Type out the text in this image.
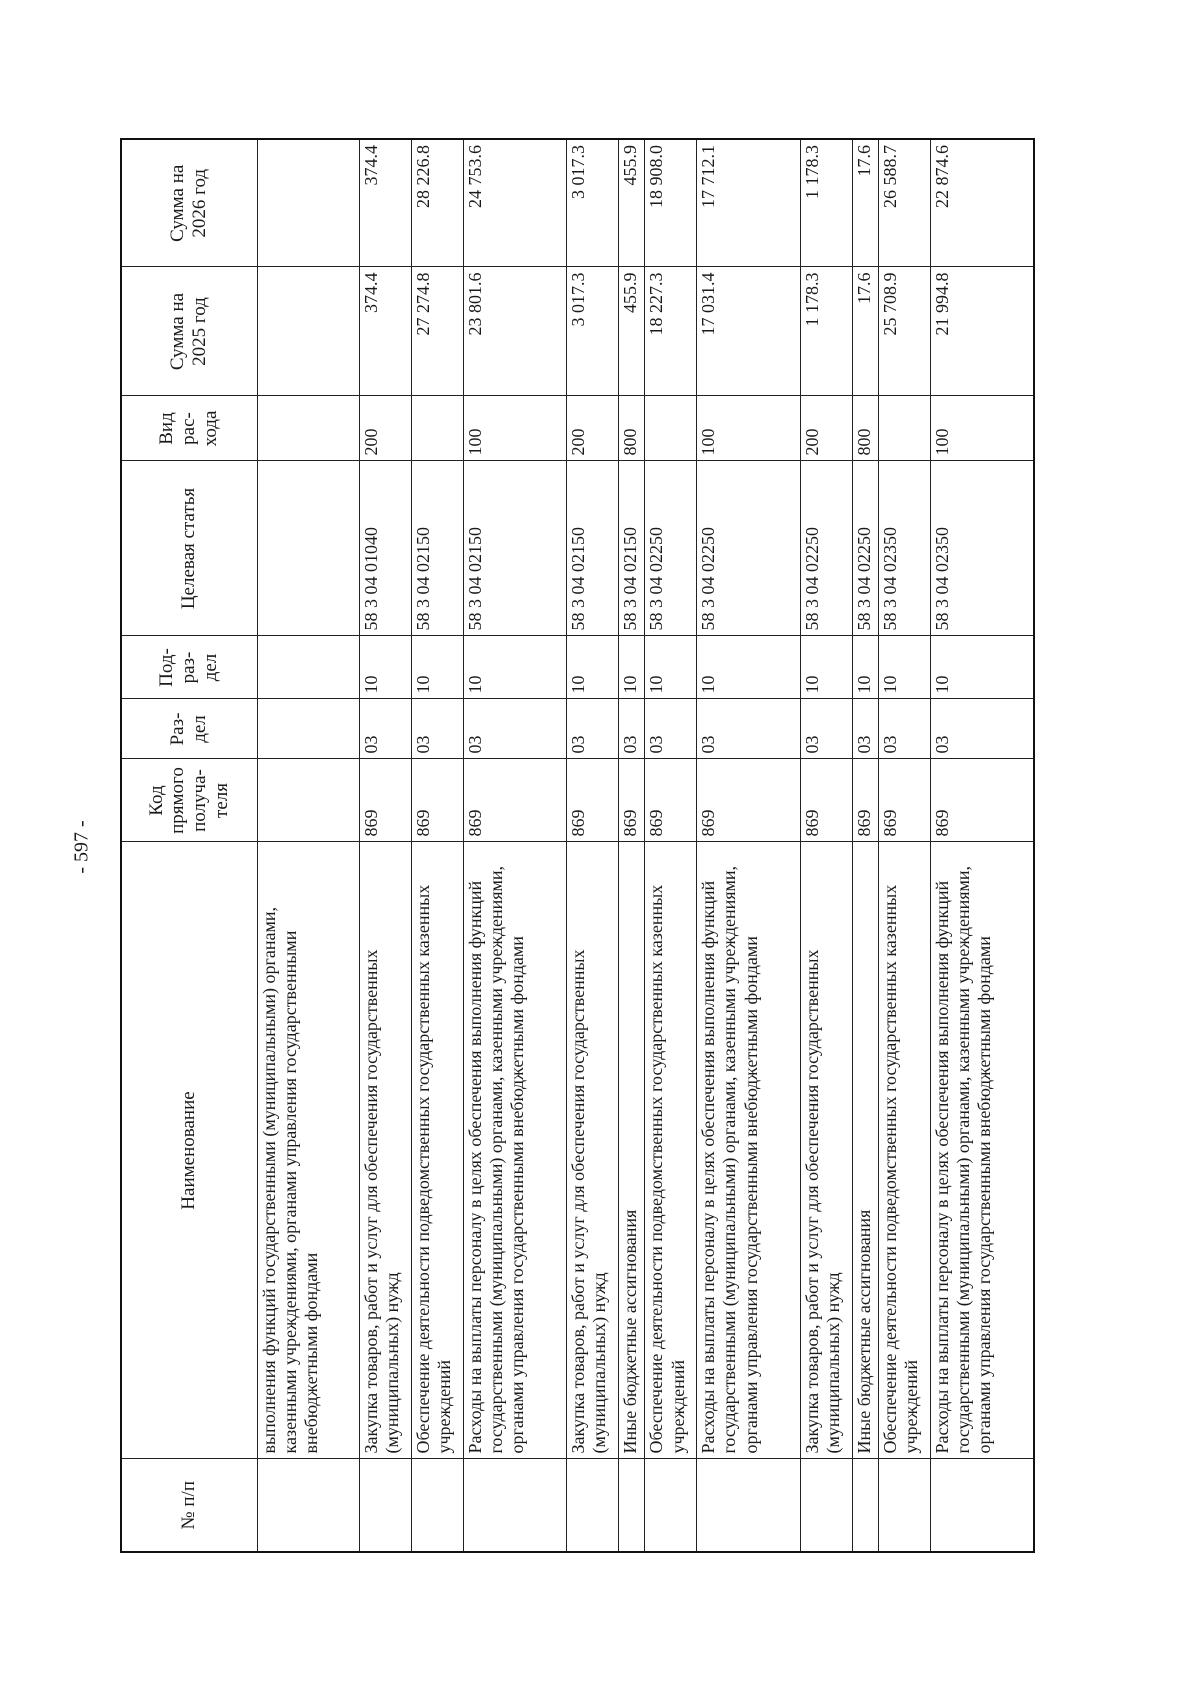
- 597 -
№ п/п	Наименование	Код прямого получа-теля	Раз-дел	Под-раз-дел	Целевая статья	Вид рас-хода	Сумма на 2025 год	Сумма на 2026 год
	выполнения функций государственными (муниципальными) органами, казенными учреждениями, органами управления государственными внебюджетными фондами							
	Закупка товаров, работ и услуг для обеспечения государственных (муниципальных) нужд	869	03	10	58 3 04 01040	200	374.4	374.4
	Обеспечение деятельности подведомственных государственных казенных учреждений	869	03	10	58 3 04 02150		27 274.8	28 226.8
	Расходы на выплаты персоналу в целях обеспечения выполнения функций государственными (муниципальными) органами, казенными учреждениями, органами управления государственными внебюджетными фондами	869	03	10	58 3 04 02150	100	23 801.6	24 753.6
	Закупка товаров, работ и услуг для обеспечения государственных (муниципальных) нужд	869	03	10	58 3 04 02150	200	3 017.3	3 017.3
	Иные бюджетные ассигнования	869	03	10	58 3 04 02150	800	455.9	455.9
	Обеспечение деятельности подведомственных государственных казенных учреждений	869	03	10	58 3 04 02250		18 227.3	18 908.0
	Расходы на выплаты персоналу в целях обеспечения выполнения функций государственными (муниципальными) органами, казенными учреждениями, органами управления государственными внебюджетными фондами	869	03	10	58 3 04 02250	100	17 031.4	17 712.1
	Закупка товаров, работ и услуг для обеспечения государственных (муниципальных) нужд	869	03	10	58 3 04 02250	200	1 178.3	1 178.3
	Иные бюджетные ассигнования	869	03	10	58 3 04 02250	800	17.6	17.6
	Обеспечение деятельности подведомственных государственных казенных учреждений	869	03	10	58 3 04 02350		25 708.9	26 588.7
	Расходы на выплаты персоналу в целях обеспечения выполнения функций государственными (муниципальными) органами, казенными учреждениями, органами управления государственными внебюджетными фондами	869	03	10	58 3 04 02350	100	21 994.8	22 874.6
